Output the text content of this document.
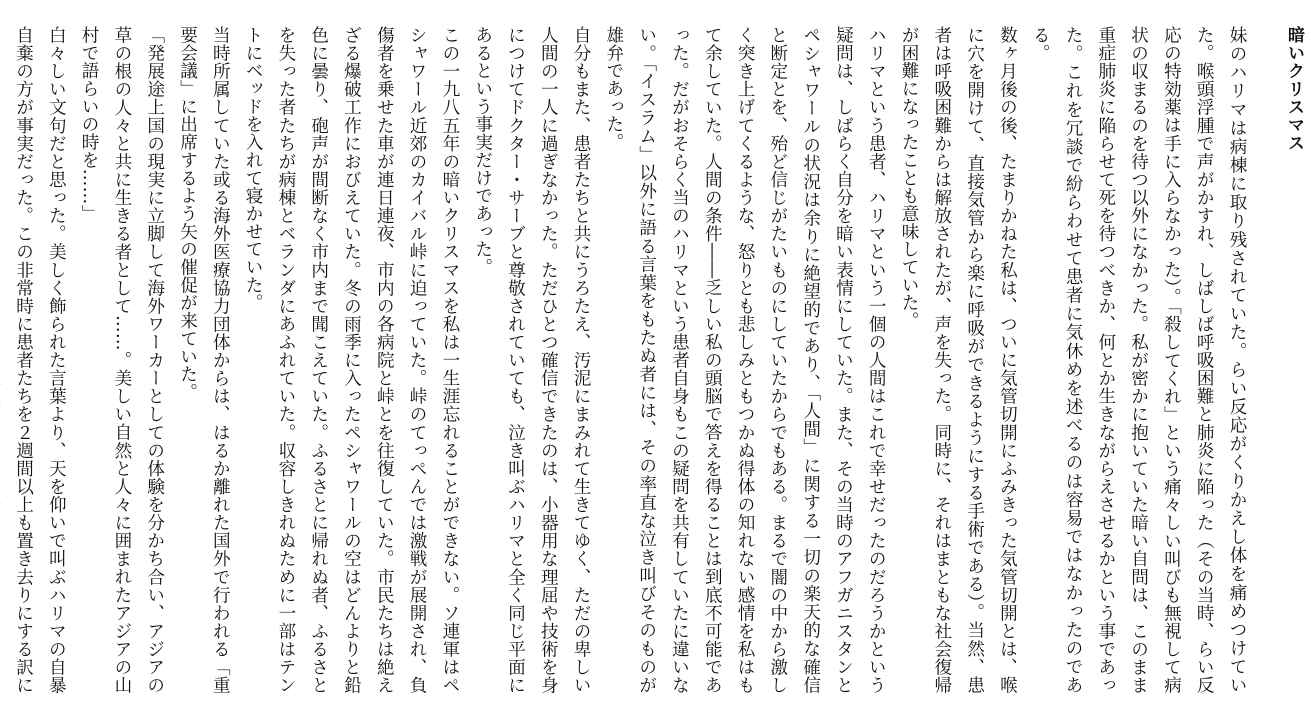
暗いクリスマス

妹のハリマは病棟に取り残されていた。らい反応がくりかえし体を痛めつけていた。喉頭浮腫で声がかすれ、しばしば呼吸困難と肺炎に陥った（その当時、らい反応の特効薬は手に入らなかった）。「殺してくれ」という痛々しい叫びも無視して病状の収まるのを待つ以外になかった。私が密かに抱いていた暗い自問は、このまま重症肺炎に陥らせて死を待つべきか、何とか生きながらえさせるかという事であった。これを冗談で紛らわせて患者に気休めを述べるのは容易ではなかったのである。

数ヶ月後の後、たまりかねた私は、ついに気管切開にふみきった気管切開とは、喉に穴を開けて、直接気管から楽に呼吸ができるようにする手術である）。当然、患者は呼吸困難からは解放されたが、声を失った。同時に、それはまともな社会復帰が困難になったことも意味していた。

ハリマという患者、ハリマという一個の人間はこれで幸せだったのだろうかという疑問は、しばらく自分を暗い表情にしていた。また、その当時のアフガニスタンとペシャワールの状況は余りに絶望的であり、「人間」に関する一切の楽天的な確信と断定とを、殆ど信じがたいものにしていたからでもある。まるで闇の中から激しく突き上げてくるような、怒りとも悲しみともつかぬ得体の知れない感情を私はもて余していた。人間の条件――乏しい私の頭脳で答えを得ることは到底不可能であった。だがおそらく当のハリマという患者自身もこの疑問を共有していたに違いない。「イスラム」以外に語る言葉をもたぬ者には、その率直な泣き叫びそのものが雄弁であった。

自分もまた、患者たちと共にうろたえ、汚泥にまみれて生きてゆく、ただの卑しい人間の一人に過ぎなかった。ただひとつ確信できたのは、小器用な理屈や技術を身につけてドクター・サーブと尊敬されていても、泣き叫ぶハリマと全く同じ平面にあるという事実だけであった。

この一九八五年の暗いクリスマスを私は一生涯忘れることができない。ソ連軍はペシャワール近郊のカイバル峠に迫っていた。峠のてっぺんでは激戦が展開され、負傷者を乗せた車が連日連夜、市内の各病院と峠とを往復していた。市民たちは絶えざる爆破工作におびえていた。冬の雨季に入ったペシャワールの空はどんよりと鉛色に曇り、砲声が間断なく市内まで聞こえていた。ふるさとに帰れぬ者、ふるさとを失った者たちが病棟とベランダにあふれていた。収容しきれぬために一部はテントにベッドを入れて寝かせていた。

当時所属していた或る海外医療協力団体からは、はるか離れた国外で行われる「重要会議」に出席するよう矢の催促が来ていた。

「発展途上国の現実に立脚して海外ワーカーとしての体験を分かち合い、アジアの草の根の人々と共に生きる者として……。美しい自然と人々に囲まれたアジアの山村で語らいの時を……」

白々しい文句だと思った。美しく飾られた言葉より、天を仰いで叫ぶハリマの自暴自棄の方が事実だった。この非常時に患者たちを２週間以上も置き去りにする訳に
